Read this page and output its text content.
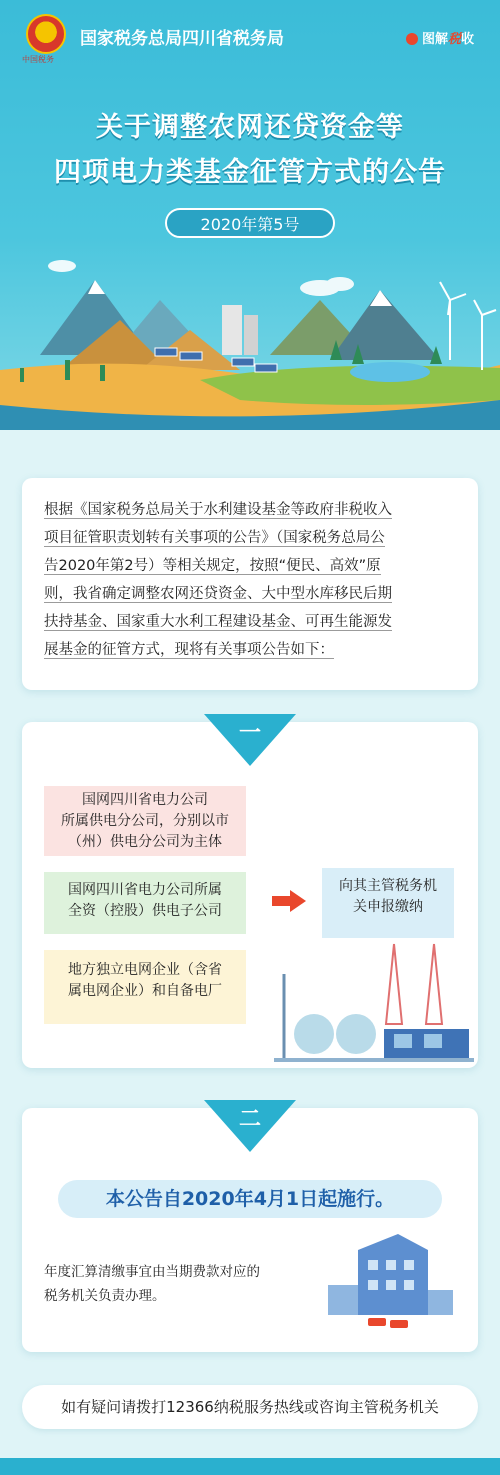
中国税务
国家税务总局四川省税务局	图解税收
关于调整农网还贷资金等
四项电力类基金征管方式的公告
2020年第5号
根据《国家税务总局关于水利建设基金等政府非税收入
项目征管职责划转有关事项的公告》（国家税务总局公
告2020年第2号）等相关规定，按照“便民、高效”原
则，我省确定调整农网还贷资金、大中型水库移民后期
扶持基金、国家重大水利工程建设基金、可再生能源发
展基金的征管方式，现将有关事项公告如下：
一
国网四川省电力公司
所属供电分公司，分别以市
（州）供电分公司为主体
国网四川省电力公司所属
全资（控股）供电子公司
地方独立电网企业（含省
属电网企业）和自备电厂
向其主管税务机
关申报缴纳
二
本公告自2020年4月1日起施行。
年度汇算清缴事宜由当期费款对应的
税务机关负责办理。
如有疑问请拨打12366纳税服务热线或咨询主管税务机关
